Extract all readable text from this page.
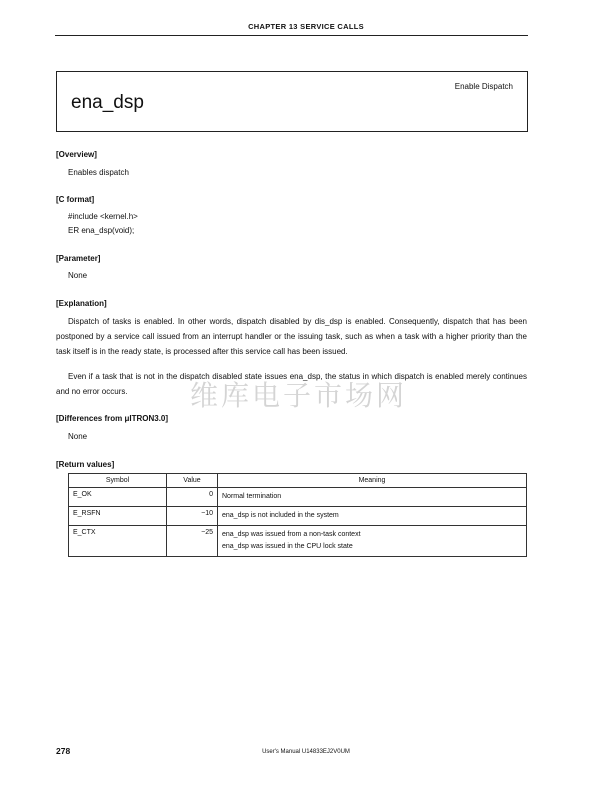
CHAPTER 13 SERVICE CALLS
Enable Dispatch
ena_dsp
[Overview]
Enables dispatch
[C format]
#include <kernel.h>
ER ena_dsp(void);
[Parameter]
None
[Explanation]

Dispatch of tasks is enabled. In other words, dispatch disabled by dis_dsp is enabled. Consequently, dispatch that has been postponed by a service call issued from an interrupt handler or the issuing task, such as when a task with a higher priority than the task itself is in the ready state, is processed after this service call has been issued.

Even if a task that is not in the dispatch disabled state issues ena_dsp, the status in which dispatch is enabled merely continues and no error occurs.	维库电子市场网
[Differences from μITRON3.0]
None
[Return values]
Symbol	Value	Meaning
E_OK	0	Normal termination

E_RSFN	−10	ena_dsp is not included in the system

E_CTX	−25	ena_dsp was issued from a non-task context
ena_dsp was issued in the CPU lock state
278	User's Manual U14833EJ2V0UM
